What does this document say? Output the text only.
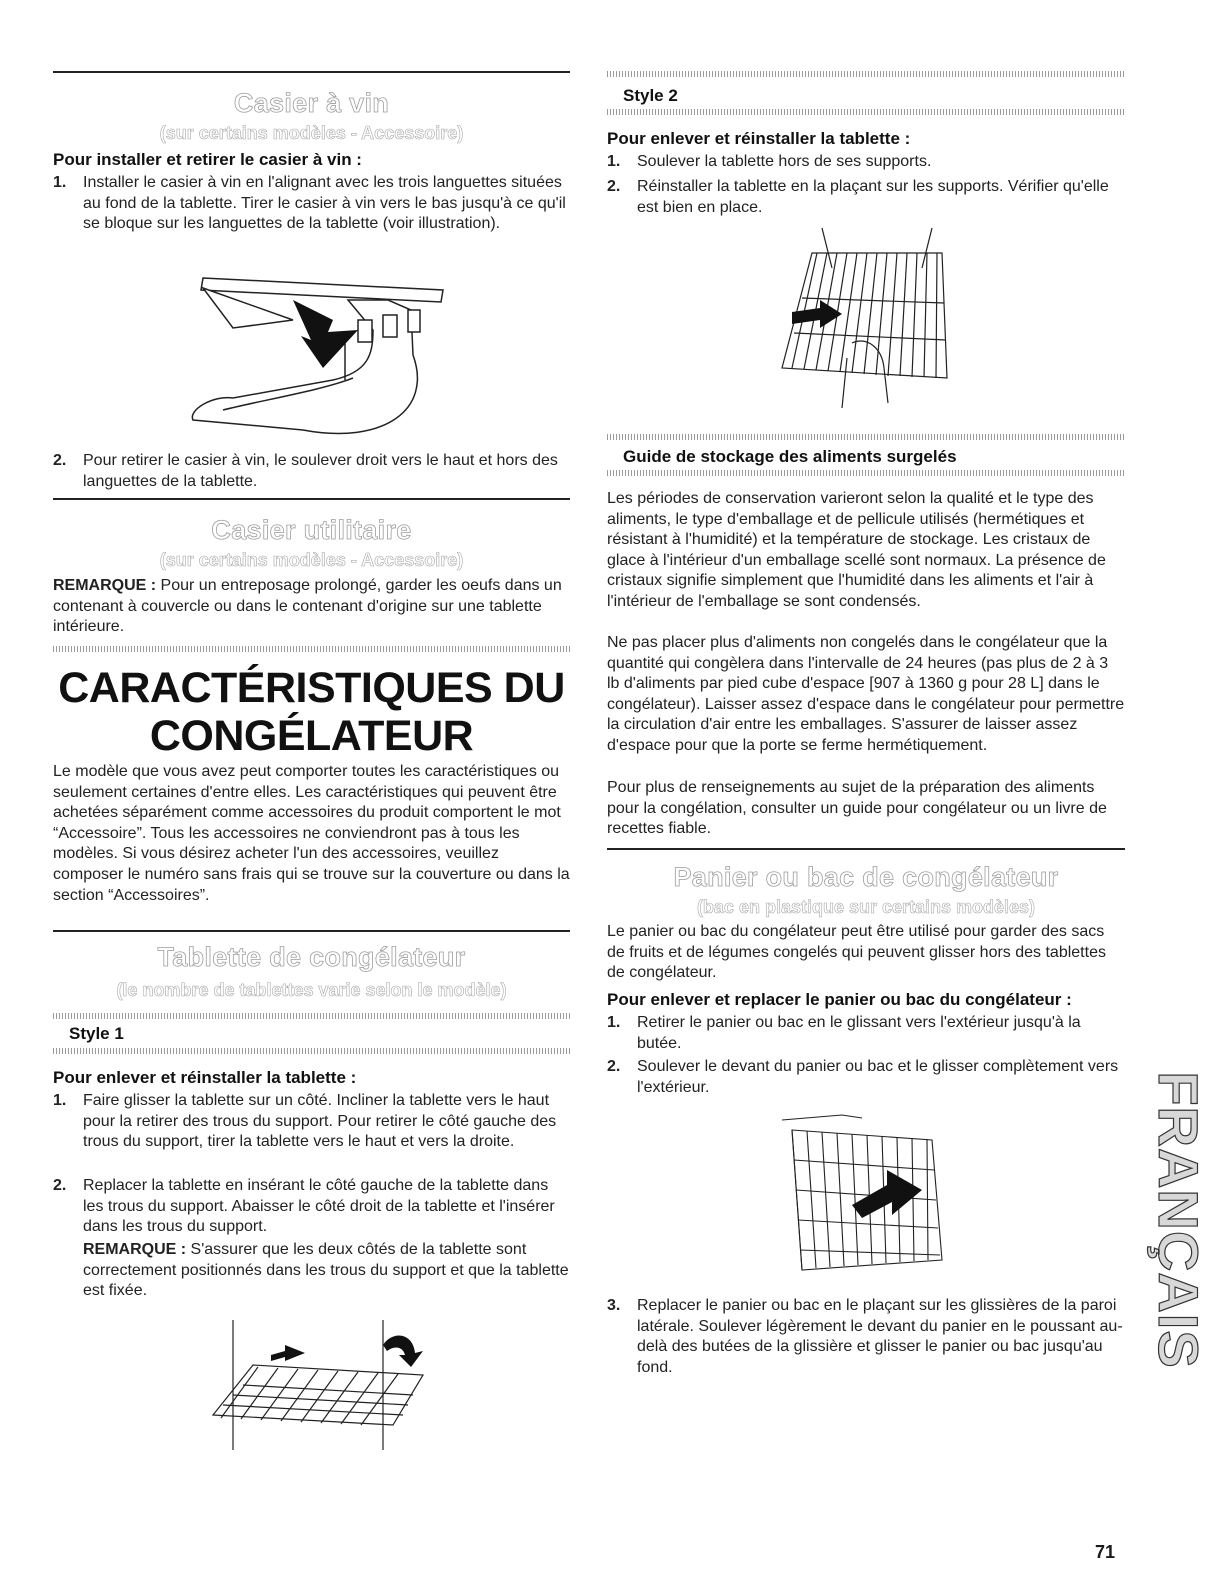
Casier à vin
(sur certains modèles - Accessoire)
Pour installer et retirer le casier à vin :
1. Installer le casier à vin en l'alignant avec les trois languettes situées au fond de la tablette. Tirer le casier à vin vers le bas jusqu'à ce qu'il se bloque sur les languettes de la tablette (voir illustration).
2. Pour retirer le casier à vin, le soulever droit vers le haut et hors des languettes de la tablette.
Casier utilitaire
(sur certains modèles - Accessoire)

REMARQUE : Pour un entreposage prolongé, garder les oeufs dans un contenant à couvercle ou dans le contenant d'origine sur une tablette intérieure.

CARACTÉRISTIQUES DU
CONGÉLATEUR

Le modèle que vous avez peut comporter toutes les caractéristiques ou seulement certaines d'entre elles. Les caractéristiques qui peuvent être achetées séparément comme accessoires du produit comportent le mot “Accessoire”. Tous les accessoires ne conviendront pas à tous les modèles. Si vous désirez acheter l'un des accessoires, veuillez composer le numéro sans frais qui se trouve sur la couverture ou dans la section “Accessoires”.

Tablette de congélateur
(le nombre de tablettes varie selon le modèle)
Style 1
Pour enlever et réinstaller la tablette :
1. Faire glisser la tablette sur un côté. Incliner la tablette vers le haut pour la retirer des trous du support. Pour retirer le côté gauche des trous du support, tirer la tablette vers le haut et vers la droite.
2. Replacer la tablette en insérant le côté gauche de la tablette dans les trous du support. Abaisser le côté droit de la tablette et l'insérer dans les trous du support.

REMARQUE : S'assurer que les deux côtés de la tablette sont correctement positionnés dans les trous du support et que la tablette est fixée.

Style 2
Pour enlever et réinstaller la tablette :
1. Soulever la tablette hors de ses supports.
2. Réinstaller la tablette en la plaçant sur les supports. Vérifier qu'elle est bien en place.
Guide de stockage des aliments surgelés

Les périodes de conservation varieront selon la qualité et le type des aliments, le type d'emballage et de pellicule utilisés (hermétiques et résistant à l'humidité) et la température de stockage. Les cristaux de glace à l'intérieur d'un emballage scellé sont normaux. La présence de cristaux signifie simplement que l'humidité dans les aliments et l'air à l'intérieur de l'emballage se sont condensés.

Ne pas placer plus d'aliments non congelés dans le congélateur que la quantité qui congèlera dans l'intervalle de 24 heures (pas plus de 2 à 3 lb d'aliments par pied cube d'espace [907 à 1360 g pour 28 L] dans le congélateur). Laisser assez d'espace dans le congélateur pour permettre la circulation d'air entre les emballages. S'assurer de laisser assez d'espace pour que la porte se ferme hermétiquement.

Pour plus de renseignements au sujet de la préparation des aliments pour la congélation, consulter un guide pour congélateur ou un livre de recettes fiable.

Panier ou bac de congélateur
(bac en plastique sur certains modèles)

Le panier ou bac du congélateur peut être utilisé pour garder des sacs de fruits et de légumes congelés qui peuvent glisser hors des tablettes de congélateur.

Pour enlever et replacer le panier ou bac du congélateur :
1. Retirer le panier ou bac en le glissant vers l'extérieur jusqu'à la butée.
2. Soulever le devant du panier ou bac et le glisser complètement vers l'extérieur.
3. Replacer le panier ou bac en le plaçant sur les glissières de la paroi latérale. Soulever légèrement le devant du panier en le poussant au-delà des butées de la glissière et glisser le panier ou bac jusqu'au fond.	FRANÇAIS
71
